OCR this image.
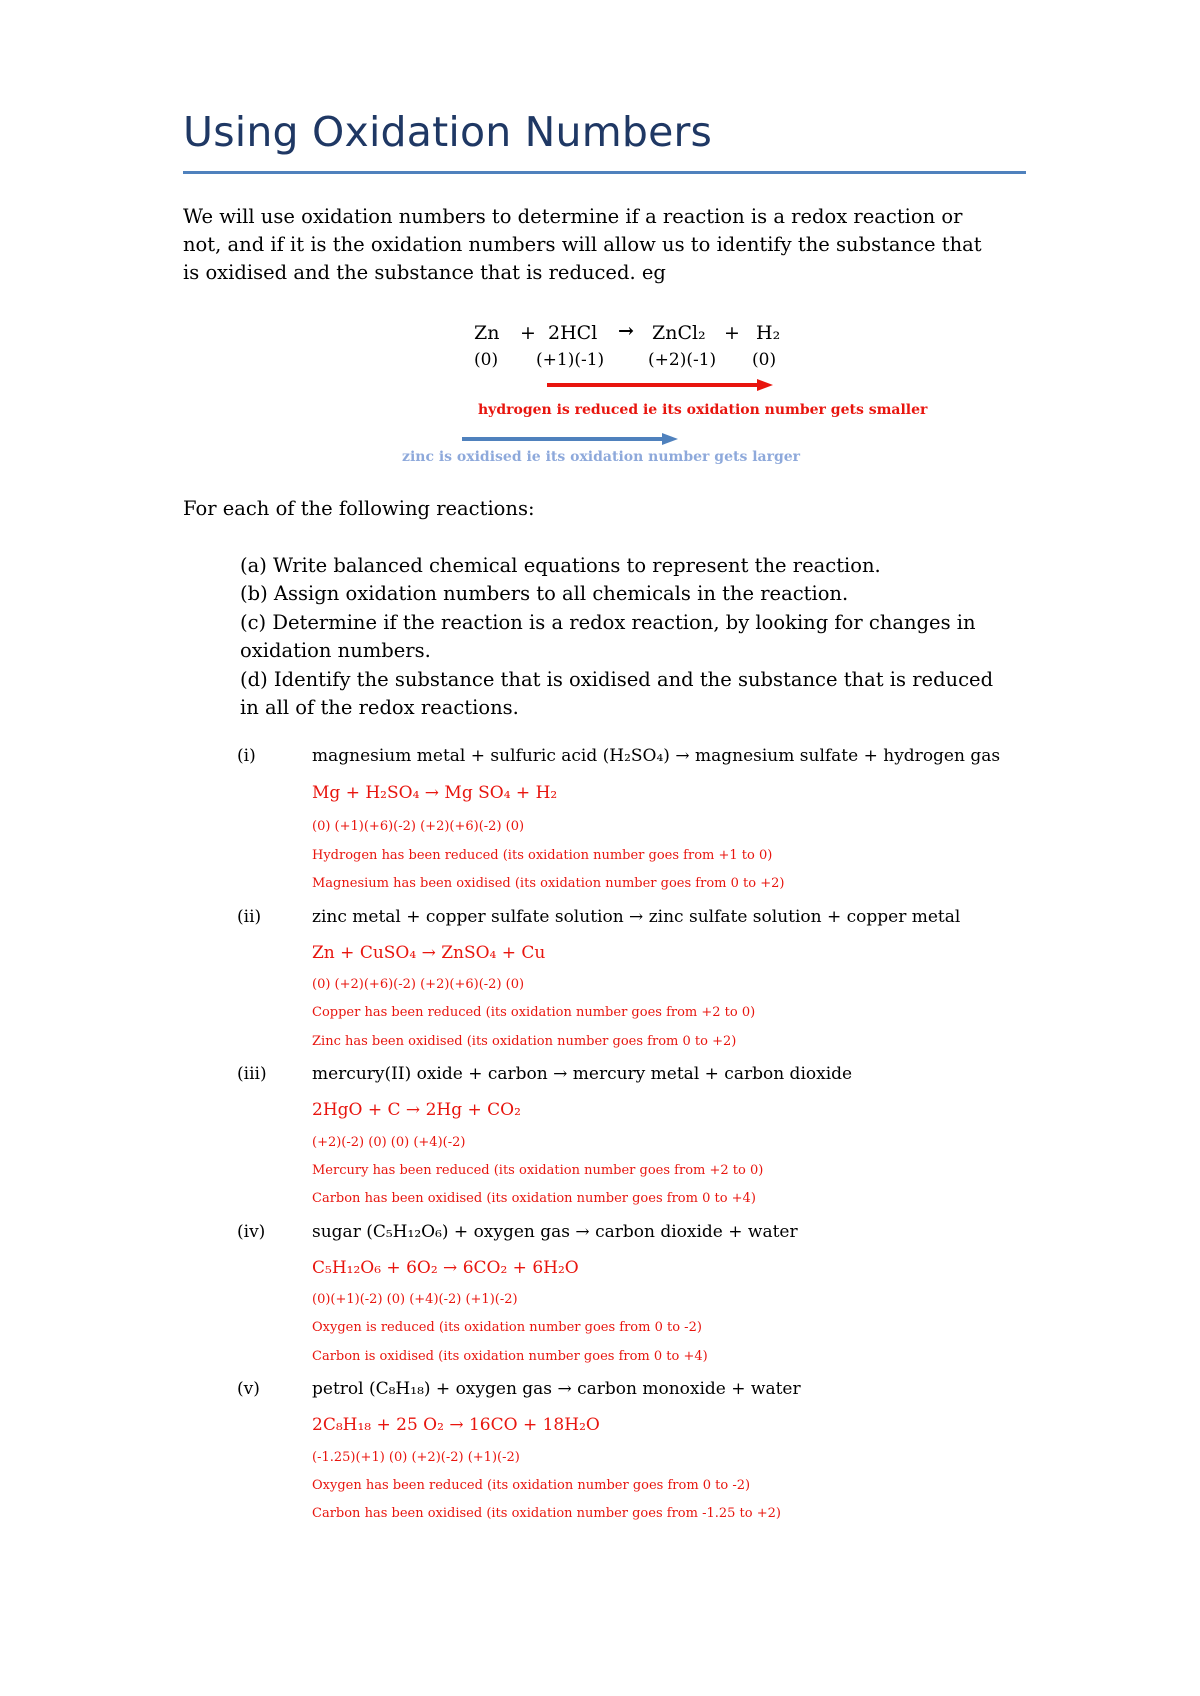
Using Oxidation Numbers
We will use oxidation numbers to determine if a reaction is a redox reaction or
not, and if it is the oxidation numbers will allow us to identify the substance that
is oxidised and the substance that is reduced. eg
Zn + 2HCl → ZnCl₂ + H₂
(0) (+1)(-1)	(+2)(-1) (0)
hydrogen is reduced ie its oxidation number gets smaller
zinc is oxidised ie its oxidation number gets larger
For each of the following reactions:
(a) Write balanced chemical equations to represent the reaction.
(b) Assign oxidation numbers to all chemicals in the reaction.
(c) Determine if the reaction is a redox reaction, by looking for changes in
oxidation numbers.
(d) Identify the substance that is oxidised and the substance that is reduced
in all of the redox reactions.
(i)	magnesium metal + sulfuric acid (H₂SO₄) → magnesium sulfate + hydrogen gas
Mg + H₂SO₄ → Mg SO₄ + H₂
(0) (+1)(+6)(-2) (+2)(+6)(-2) (0)
Hydrogen has been reduced (its oxidation number goes from +1 to 0)
Magnesium has been oxidised (its oxidation number goes from 0 to +2)
(ii)	zinc metal + copper sulfate solution → zinc sulfate solution + copper metal
Zn + CuSO₄ → ZnSO₄ + Cu
(0) (+2)(+6)(-2) (+2)(+6)(-2) (0)
Copper has been reduced (its oxidation number goes from +2 to 0)
Zinc has been oxidised (its oxidation number goes from 0 to +2)
(iii)	mercury(II) oxide + carbon → mercury metal + carbon dioxide
2HgO + C → 2Hg + CO₂
(+2)(-2) (0) (0) (+4)(-2)
Mercury has been reduced (its oxidation number goes from +2 to 0)
Carbon has been oxidised (its oxidation number goes from 0 to +4)
(iv)	sugar (C₅H₁₂O₆) + oxygen gas → carbon dioxide + water
C₅H₁₂O₆ + 6O₂ → 6CO₂ + 6H₂O
(0)(+1)(-2) (0) (+4)(-2) (+1)(-2)
Oxygen is reduced (its oxidation number goes from 0 to -2)
Carbon is oxidised (its oxidation number goes from 0 to +4)
(v)	petrol (C₈H₁₈) + oxygen gas → carbon monoxide + water
2C₈H₁₈ + 25 O₂ → 16CO + 18H₂O
(-1.25)(+1) (0) (+2)(-2) (+1)(-2)
Oxygen has been reduced (its oxidation number goes from 0 to -2)
Carbon has been oxidised (its oxidation number goes from -1.25 to +2)
